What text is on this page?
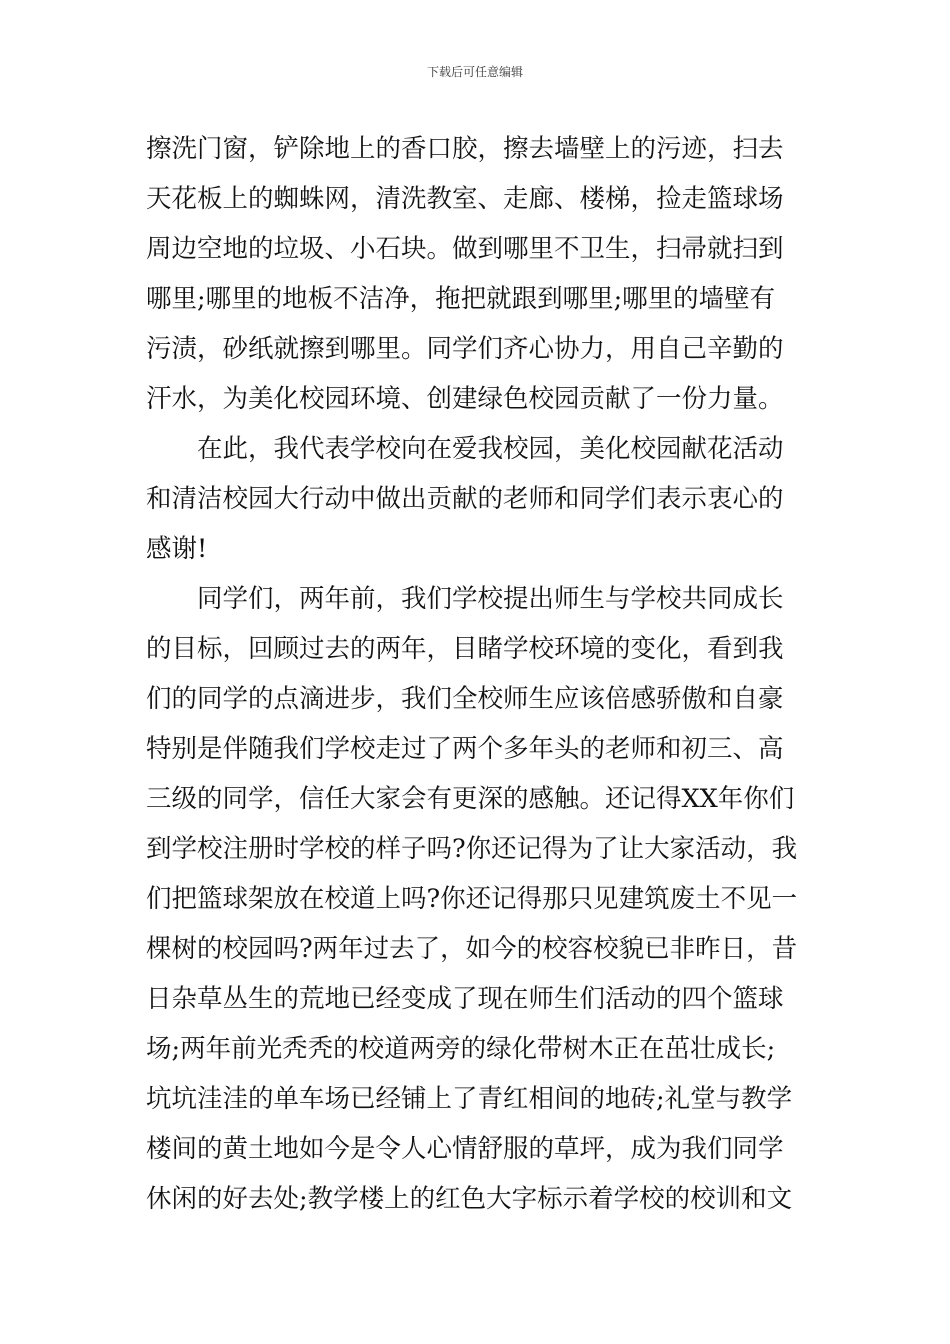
下载后可任意编辑
擦洗门窗，铲除地上的香口胶，擦去墙壁上的污迹，扫去
天花板上的蜘蛛网，清洗教室、走廊、楼梯，捡走篮球场
周边空地的垃圾、小石块。做到哪里不卫生，扫帚就扫到
哪里;哪里的地板不洁净，拖把就跟到哪里;哪里的墙壁有
污渍，砂纸就擦到哪里。同学们齐心协力，用自己辛勤的
汗水，为美化校园环境、创建绿色校园贡献了一份力量。
在此，我代表学校向在爱我校园，美化校园献花活动
和清洁校园大行动中做出贡献的老师和同学们表示衷心的
感谢!
同学们，两年前，我们学校提出师生与学校共同成长
的目标，回顾过去的两年，目睹学校环境的变化，看到我
们的同学的点滴进步，我们全校师生应该倍感骄傲和自豪
特别是伴随我们学校走过了两个多年头的老师和初三、高
三级的同学，信任大家会有更深的感触。还记得XX年你们
到学校注册时学校的样子吗?你还记得为了让大家活动，我
们把篮球架放在校道上吗?你还记得那只见建筑废土不见一
棵树的校园吗?两年过去了，如今的校容校貌已非昨日，昔
日杂草丛生的荒地已经变成了现在师生们活动的四个篮球
场;两年前光秃秃的校道两旁的绿化带树木正在茁壮成长;
坑坑洼洼的单车场已经铺上了青红相间的地砖;礼堂与教学
楼间的黄土地如今是令人心情舒服的草坪，成为我们同学
休闲的好去处;教学楼上的红色大字标示着学校的校训和文
